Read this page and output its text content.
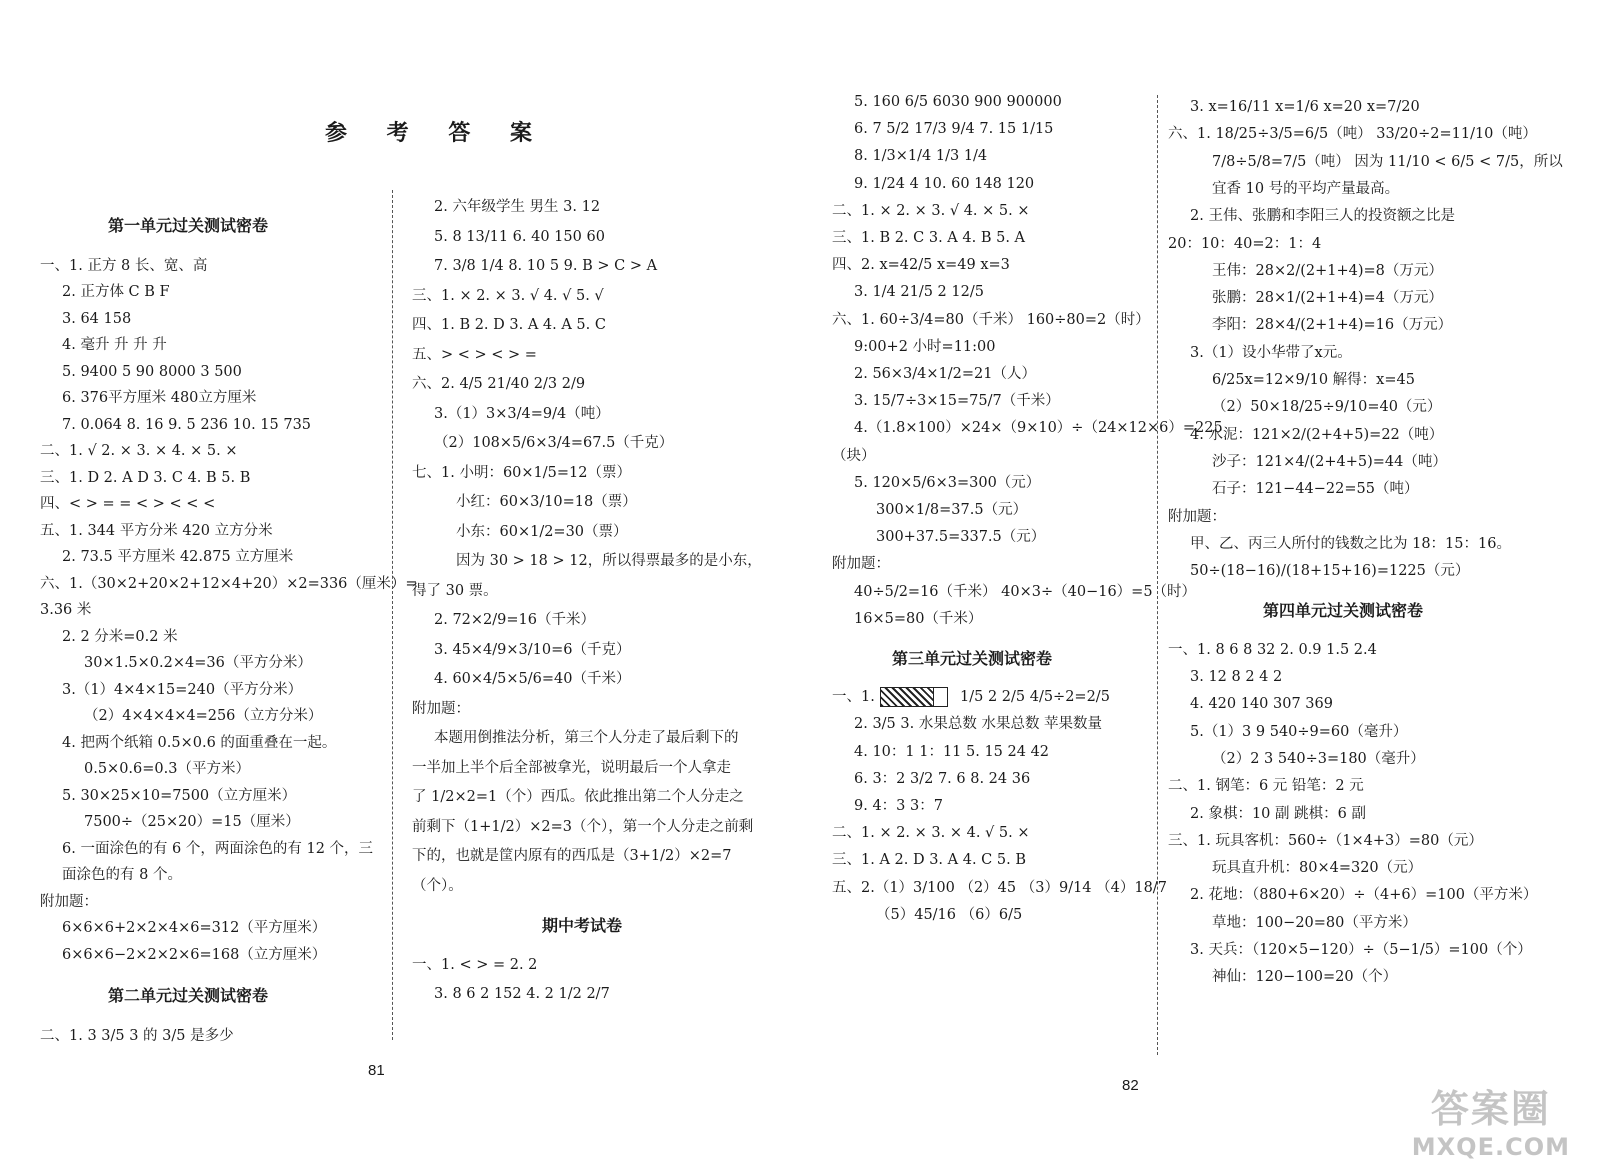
参 考 答 案
81
82
第一单元过关测试密卷
一、1. 正方 8 长、宽、高
2. 正方体 C B F
3. 64 158
4. 毫升 升 升 升
5. 9400 5 90 8000 3 500
6. 376平方厘米 480立方厘米
7. 0.064 8. 16 9. 5 236 10. 15 735
二、1. √ 2. × 3. × 4. × 5. ×
三、1. D 2. A D 3. C 4. B 5. B
四、< > = = < > < < <
五、1. 344 平方分米 420 立方分米
2. 73.5 平方厘米 42.875 立方厘米
六、1.（30×2+20×2+12×4+20）×2=336（厘米）=
3.36 米
2. 2 分米=0.2 米
30×1.5×0.2×4=36（平方分米）
3.（1）4×4×15=240（平方分米）
（2）4×4×4×4=256（立方分米）
4. 把两个纸箱 0.5×0.6 的面重叠在一起。
0.5×0.6=0.3（平方米）
5. 30×25×10=7500（立方厘米）
7500÷（25×20）=15（厘米）
6. 一面涂色的有 6 个，两面涂色的有 12 个，三
面涂色的有 8 个。
附加题：
6×6×6+2×2×4×6=312（平方厘米）
6×6×6−2×2×2×6=168（立方厘米）
第二单元过关测试密卷
二、1. 3 3/5 3 的 3/5 是多少
2. 六年级学生 男生 3. 12
5. 8 13/11 6. 40 150 60
7. 3/8 1/4 8. 10 5 9. B > C > A
三、1. × 2. × 3. √ 4. √ 5. √
四、1. B 2. D 3. A 4. A 5. C
五、> < > < > =
六、2. 4/5 21/40 2/3 2/9
3.（1）3×3/4=9/4（吨）
（2）108×5/6×3/4=67.5（千克）
七、1. 小明：60×1/5=12（票）
小红：60×3/10=18（票）
小东：60×1/2=30（票）
因为 30 > 18 > 12，所以得票最多的是小东，
得了 30 票。
2. 72×2/9=16（千米）
3. 45×4/9×3/10=6（千克）
4. 60×4/5×5/6=40（千米）
附加题：
本题用倒推法分析，第三个人分走了最后剩下的
一半加上半个后全部被拿光，说明最后一个人拿走
了 1/2×2=1（个）西瓜。依此推出第二个人分走之
前剩下（1+1/2）×2=3（个），第一个人分走之前剩
下的，也就是筐内原有的西瓜是（3+1/2）×2=7
（个）。
期中考试卷
一、1. < > = 2. 2
3. 8 6 2 152 4. 2 1/2 2/7
5. 160 6/5 6030 900 900000
6. 7 5/2 17/3 9/4 7. 15 1/15
8. 1/3×1/4 1/3 1/4
9. 1/24 4 10. 60 148 120
二、1. × 2. × 3. √ 4. × 5. ×
三、1. B 2. C 3. A 4. B 5. A
四、2. x=42/5 x=49 x=3
3. 1/4 21/5 2 12/5
六、1. 60÷3/4=80（千米） 160÷80=2（时）
9:00+2 小时=11:00
2. 56×3/4×1/2=21（人）
3. 15/7÷3×15=75/7（千米）
4.（1.8×100）×24×（9×10）÷（24×12×6）=225
（块）
5. 120×5/6×3=300（元）
300×1/8=37.5（元）
300+37.5=337.5（元）
附加题：
40÷5/2=16（千米） 40×3÷（40−16）=5（时）
16×5=80（千米）
第三单元过关测试密卷
一、1.	1/5 2 2/5 4/5÷2=2/5
2. 3/5 3. 水果总数 水果总数 苹果数量
4. 10：1 1：11 5. 15 24 42
6. 3：2 3/2 7. 6 8. 24 36
9. 4：3 3：7
二、1. × 2. × 3. × 4. √ 5. ×
三、1. A 2. D 3. A 4. C 5. B
五、2.（1）3/100 （2）45 （3）9/14 （4）18/7
（5）45/16 （6）6/5
3. x=16/11 x=1/6 x=20 x=7/20
六、1. 18/25÷3/5=6/5（吨） 33/20÷2=11/10（吨）
7/8÷5/8=7/5（吨） 因为 11/10 < 6/5 < 7/5，所以
宜香 10 号的平均产量最高。
2. 王伟、张鹏和李阳三人的投资额之比是
20：10：40=2：1：4
王伟：28×2/(2+1+4)=8（万元）
张鹏：28×1/(2+1+4)=4（万元）
李阳：28×4/(2+1+4)=16（万元）
3.（1）设小华带了x元。
6/25x=12×9/10 解得：x=45
（2）50×18/25÷9/10=40（元）
4. 水泥：121×2/(2+4+5)=22（吨）
沙子：121×4/(2+4+5)=44（吨）
石子：121−44−22=55（吨）
附加题：
甲、乙、丙三人所付的钱数之比为 18：15：16。
50÷(18−16)/(18+15+16)=1225（元）
第四单元过关测试密卷
一、1. 8 6 8 32 2. 0.9 1.5 2.4
3. 12 8 2 4 2
4. 420 140 307 369
5.（1）3 9 540÷9=60（毫升）
（2）2 3 540÷3=180（毫升）
二、1. 钢笔：6 元 铅笔：2 元
2. 象棋：10 副 跳棋：6 副
三、1. 玩具客机：560÷（1×4+3）=80（元）
玩具直升机：80×4=320（元）
2. 花地：（880+6×20）÷（4+6）=100（平方米）
草地：100−20=80（平方米）
3. 天兵：（120×5−120）÷（5−1/5）=100（个）
神仙：120−100=20（个）
答案圈
MXQE.COM
